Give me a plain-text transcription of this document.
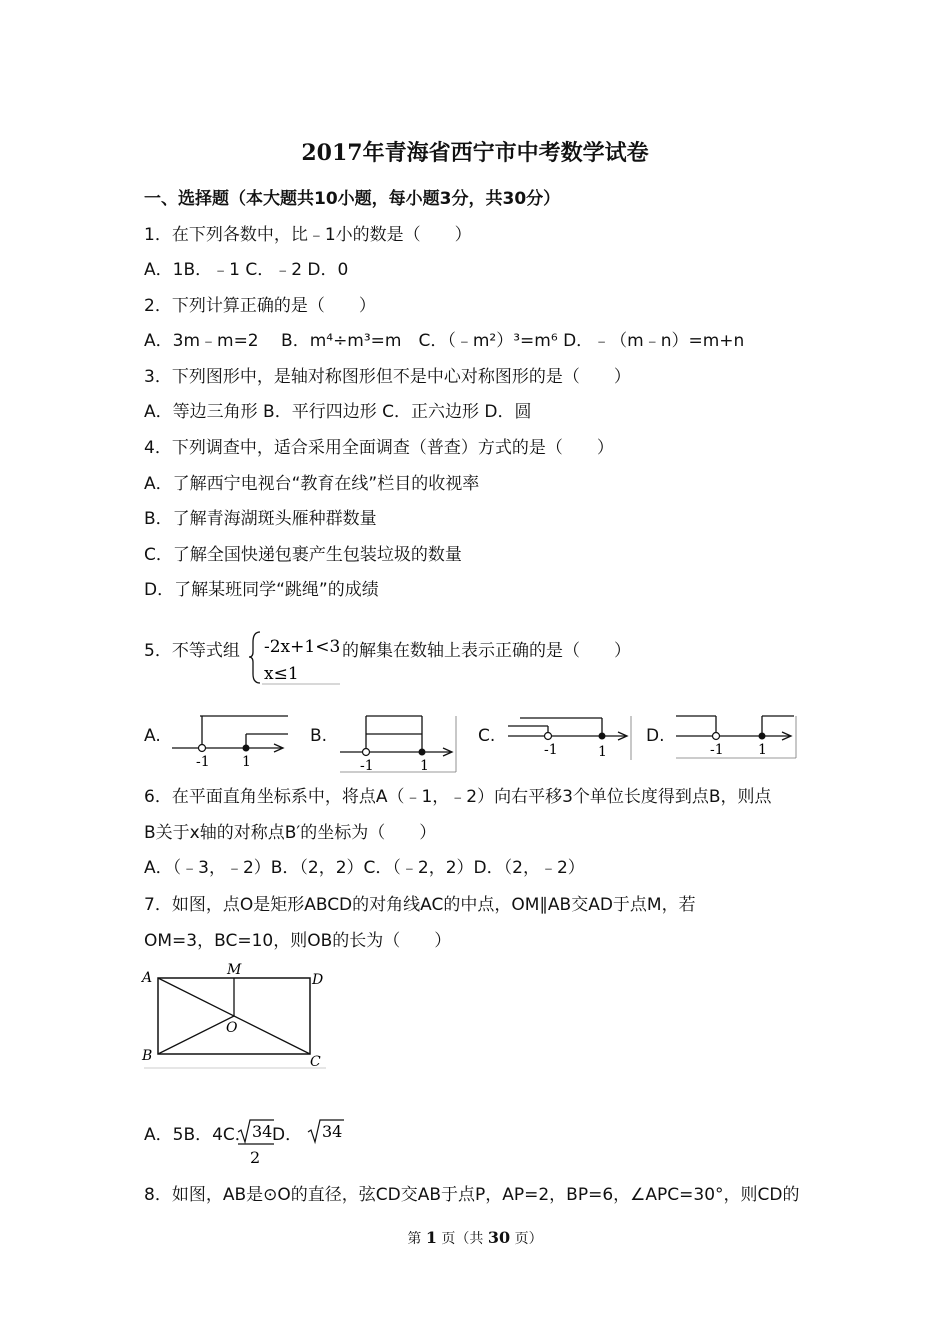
2017年青海省西宁市中考数学试卷
一、选择题（本大题共10小题，每小题3分，共30分）
1．在下列各数中，比﹣1小的数是（　　）
A．1B．﹣1 C．﹣2 D．0
2．下列计算正确的是（　　）
A．3m﹣m=2　 B．m⁴÷m³=m　C．（﹣m²）³=m⁶ D．﹣（m﹣n）=m+n
3．下列图形中，是轴对称图形但不是中心对称图形的是（　　）
A．等边三角形 B．平行四边形 C．正六边形 D．圆
4．下列调查中，适合采用全面调查（普查）方式的是（　　）
A．了解西宁电视台“教育在线”栏目的收视率
B．了解青海湖斑头雁种群数量
C．了解全国快递包裹产生包装垃圾的数量
D．了解某班同学“跳绳”的成绩
5．不等式组 -2x+1<3
x≤1
的解集在数轴上表示正确的是（　　）
A.
-1 1
B.
-1	1
C.
-1	1
D.
-1 1
6．在平面直角坐标系中，将点A（﹣1，﹣2）向右平移3个单位长度得到点B，则点
B关于x轴的对称点B′的坐标为（　　）
A．（﹣3，﹣2）B．（2，2）C．（﹣2，2）D．（2，﹣2）
7．如图，点O是矩形ABCD的对角线AC的中点，OM∥AB交AD于点M，若
OM=3，BC=10，则OB的长为（　　）
A	D
B	C
M
O
A．5B．4C． 34
2
D． 34
8．如图，AB是⊙O的直径，弦CD交AB于点P，AP=2，BP=6，∠APC=30°，则CD的
第 1 页（共 30 页）
